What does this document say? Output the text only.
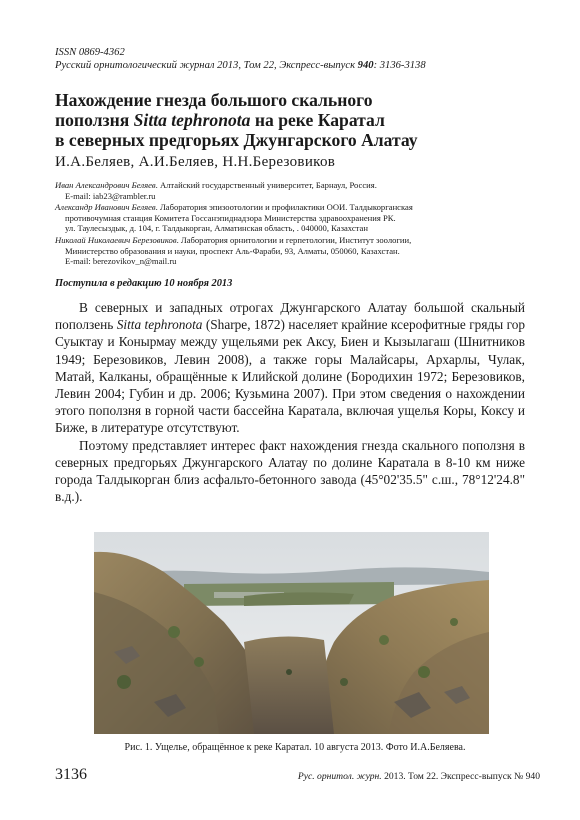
ISSN 0869-4362
Русский орнитологический журнал 2013, Том 22, Экспресс-выпуск 940: 3136-3138
Нахождение гнезда большого скального
поползня Sitta tephronota на реке Каратал
в северных предгорьях Джунгарского Алатау
И.А.Беляев, А.И.Беляев, Н.Н.Березовиков
Иван Александрович Беляев. Алтайский государственный университет, Барнаул, Россия.
E-mail: iab23@rambler.ru
Александр Иванович Беляев. Лаборатория эпизоотологии и профилактики ООИ. Талдыкорганская
противочумная станция Комитета Госсанэпиднадзора Министерства здравоохранения РК.
ул. Таулесыздык, д. 104, г. Талдыкорган, Алматинская область, . 040000, Казахстан
Николай Николаевич Березовиков. Лаборатория орнитологии и герпетологии, Институт зоологии,
Министерство образования и науки, проспект Аль-Фараби, 93, Алматы, 050060, Казахстан.
E-mail: berezovikov_n@mail.ru
Поступила в редакцию 10 ноября 2013

В северных и западных отрогах Джунгарского Алатау большой скальный поползень Sitta tephronota (Sharpe, 1872) населяет крайние ксерофитные гряды гор Суыктау и Конырмау между ущельями рек Аксу, Биен и Кызылагаш (Шнитников 1949; Березовиков, Левин 2008), а также горы Малайсары, Архарлы, Чулак, Матай, Калканы, обращённые к Илийской долине (Бородихин 1972; Березовиков, Левин 2004; Губин и др. 2006; Кузьмина 2007). При этом сведения о нахождении этого поползня в горной части бассейна Каратала, включая ущелья Коры, Коксу и Биже, в литературе отсутствуют.

Поэтому представляет интерес факт нахождения гнезда скального поползня в северных предгорьях Джунгарского Алатау по долине Каратала в 8-10 км ниже города Талдыкорган близ асфальто-бетонного завода (45°02'35.5" с.ш., 78°12'24.8" в.д.).

Рис. 1. Ущелье, обращённое к реке Каратал. 10 августа 2013. Фото И.А.Беляева.
3136	Рус. орнитол. журн. 2013. Том 22. Экспресс-выпуск № 940
